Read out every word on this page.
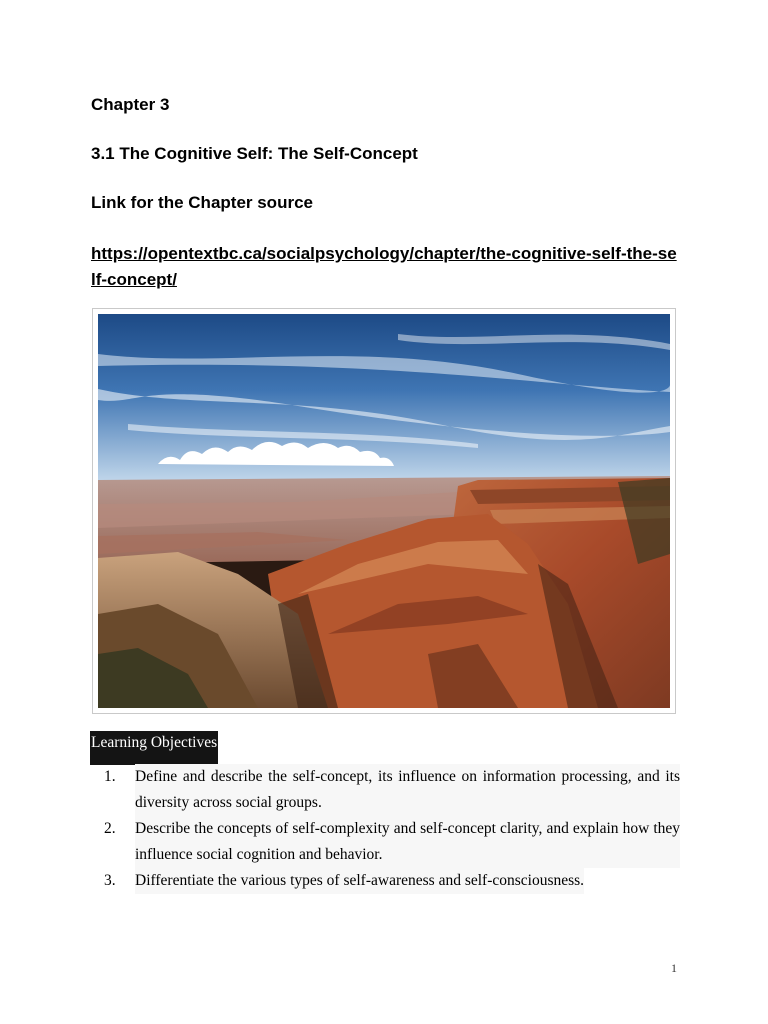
Chapter 3
3.1 The Cognitive Self: The Self-Concept

Link for the Chapter source

https://opentextbc.ca/socialpsychology/chapter/the-cognitive-self-the-self-concept/
Learning Objectives
1.	Define and describe the self-concept, its influence on information processing, and its diversity across social groups.
2.	Describe the concepts of self-complexity and self-concept clarity, and explain how they influence social cognition and behavior.
3.	Differentiate the various types of self-awareness and self-consciousness.
1
